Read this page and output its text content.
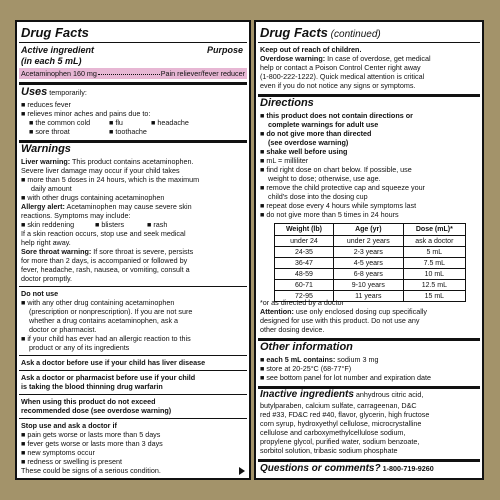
Drug Facts
Active ingredient	Purpose
(in each 5 mL)
Acetaminophen 160 mg	Pain reliever/fever reducer
Uses temporarily:
■ reduces fever
■ relieves minor aches and pains due to:
■ the common cold	■ flu	■ headache
■ sore throat	■ toothache
Warnings
Liver warning: This product contains acetaminophen.
Severe liver damage may occur if your child takes
■ more than 5 doses in 24 hours, which is the maximum
daily amount
■ with other drugs containing acetaminophen
Allergy alert: Acetaminophen may cause severe skin
reactions. Symptoms may include:
■ skin reddening	■ blisters	■ rash
If a skin reaction occurs, stop use and seek medical
help right away.
Sore throat warning: If sore throat is severe, persists
for more than 2 days, is accompanied or followed by
fever, headache, rash, nausea, or vomiting, consult a
doctor promptly.
Do not use
■ with any other drug containing acetaminophen
(prescription or nonprescription). If you are not sure
whether a drug contains acetaminophen, ask a
doctor or pharmacist.
■ if your child has ever had an allergic reaction to this
product or any of its ingredients
Ask a doctor before use if your child has liver disease
Ask a doctor or pharmacist before use if your child
is taking the blood thinning drug warfarin
When using this product do not exceed
recommended dose (see overdose warning)
Stop use and ask a doctor if
■ pain gets worse or lasts more than 5 days
■ fever gets worse or lasts more than 3 days
■ new symptoms occur
■ redness or swelling is present
These could be signs of a serious condition.
Drug Facts (continued)
Keep out of reach of children.
Overdose warning: In case of overdose, get medical
help or contact a Poison Control Center right away
(1-800-222-1222). Quick medical attention is critical
even if you do not notice any signs or symptoms.
Directions
■ this product does not contain directions or
complete warnings for adult use
■ do not give more than directed
(see overdose warning)
■ shake well before using
■ mL = milliliter
■ find right dose on chart below. If possible, use
weight to dose; otherwise, use age.
■ remove the child protective cap and squeeze your
child's dose into the dosing cup
■ repeat dose every 4 hours while symptoms last
■ do not give more than 5 times in 24 hours
Weight (lb)	Age (yr)	Dose (mL)*
under 24	under 2 years	ask a doctor
24-35	2-3 years	5 mL
36-47	4-5 years	7.5 mL
48-59	6-8 years	10 mL
60-71	9-10 years	12.5 mL
72-95	11 years	15 mL
*or as directed by a doctor
Attention: use only enclosed dosing cup specifically
designed for use with this product. Do not use any
other dosing device.
Other information
■ each 5 mL contains: sodium 3 mg
■ store at 20-25°C (68-77°F)
■ see bottom panel for lot number and expiration date
Inactive ingredients anhydrous citric acid,
butylparaben, calcium sulfate, carrageenan, D&C
red #33, FD&C red #40, flavor, glycerin, high fructose
corn syrup, hydroxyethyl cellulose, microcrystalline
cellulose and carboxymethylcellulose sodium,
propylene glycol, purified water, sodium benzoate,
sorbitol solution, tribasic sodium phosphate
Questions or comments? 1-800-719-9260
